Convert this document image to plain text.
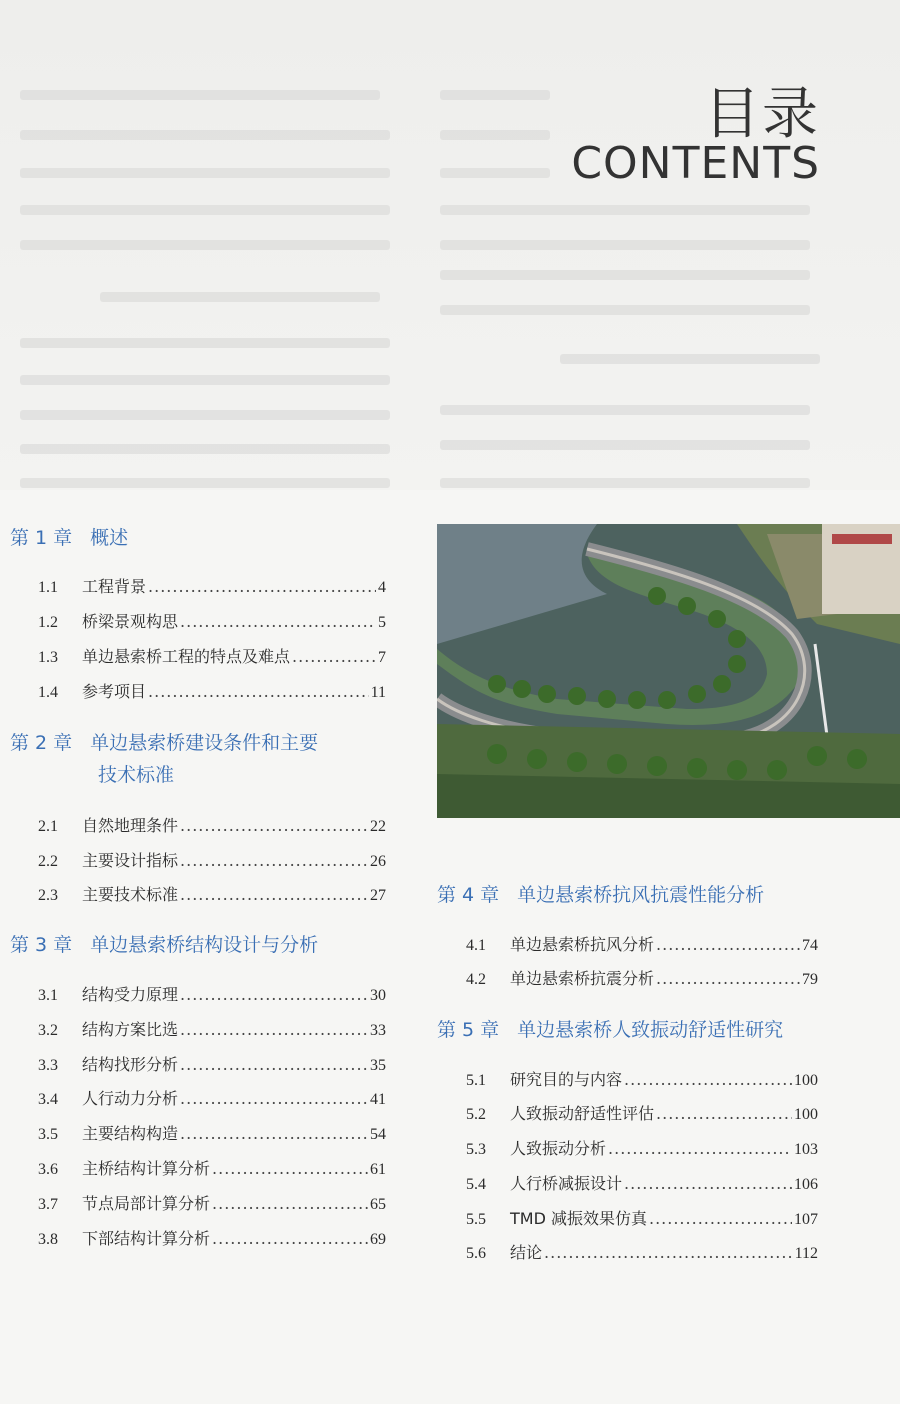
目录
CONTENTS
第 1 章 概述
1.1	工程背景 .....	4
1.2	桥梁景观构思 .....	5
1.3	单边悬索桥工程的特点及难点 .....	7
1.4	参考项目 .....	11
第 2 章 单边悬索桥建设条件和主要
技术标准
2.1	自然地理条件 .....	22
2.2	主要设计指标 .....	26
2.3	主要技术标准 .....	27
第 3 章 单边悬索桥结构设计与分析
3.1	结构受力原理 .....	30
3.2	结构方案比选 .....	33
3.3	结构找形分析 .....	35
3.4	人行动力分析 .....	41
3.5	主要结构构造 .....	54
3.6	主桥结构计算分析 .....	61
3.7	节点局部计算分析 .....	65
3.8	下部结构计算分析 .....	69
第 4 章 单边悬索桥抗风抗震性能分析
4.1	单边悬索桥抗风分析 .....	74
4.2	单边悬索桥抗震分析 .....	79
第 5 章 单边悬索桥人致振动舒适性研究
5.1	研究目的与内容 .....	100
5.2	人致振动舒适性评估 .....	100
5.3	人致振动分析 .....	103
5.4	人行桥减振设计 .....	106
5.5	TMD 减振效果仿真 .....	107
5.6	结论 .....	112
